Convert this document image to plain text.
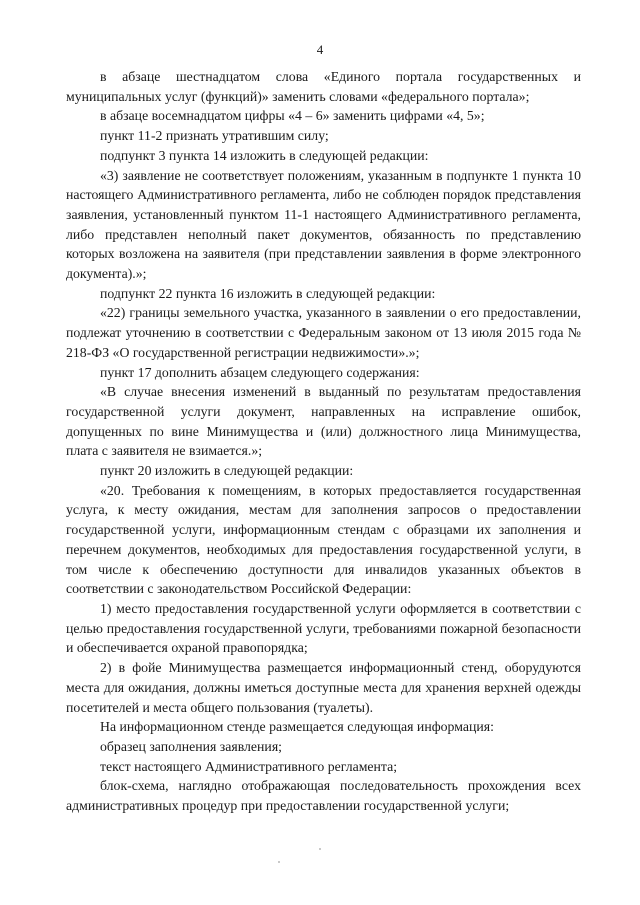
4

в абзаце шестнадцатом слова «Единого портала государственных и муниципальных услуг (функций)» заменить словами «федерального портала»;

в абзаце восемнадцатом цифры «4 – 6» заменить цифрами «4, 5»;

пункт 11-2 признать утратившим силу;

подпункт 3 пункта 14 изложить в следующей редакции:

«3) заявление не соответствует положениям, указанным в подпункте 1 пункта 10 настоящего Административного регламента, либо не соблюден порядок представления заявления, установленный пунктом 11-1 настоящего Административного регламента, либо представлен неполный пакет документов, обязанность по представлению которых возложена на заявителя (при представлении заявления в форме электронного документа).»;

подпункт 22 пункта 16 изложить в следующей редакции:

«22) границы земельного участка, указанного в заявлении о его предоставлении, подлежат уточнению в соответствии с Федеральным законом от 13 июля 2015 года № 218-ФЗ «О государственной регистрации недвижимости».»;

пункт 17 дополнить абзацем следующего содержания:

«В случае внесения изменений в выданный по результатам предоставления государственной услуги документ, направленных на исправление ошибок, допущенных по вине Минимущества и (или) должностного лица Минимущества, плата с заявителя не взимается.»;

пункт 20 изложить в следующей редакции:

«20. Требования к помещениям, в которых предоставляется государственная услуга, к месту ожидания, местам для заполнения запросов о предоставлении государственной услуги, информационным стендам с образцами их заполнения и перечнем документов, необходимых для предоставления государственной услуги, в том числе к обеспечению доступности для инвалидов указанных объектов в соответствии с законодательством Российской Федерации:

1) место предоставления государственной услуги оформляется в соответствии с целью предоставления государственной услуги, требованиями пожарной безопасности и обеспечивается охраной правопорядка;

2) в фойе Минимущества размещается информационный стенд, оборудуются места для ожидания, должны иметься доступные места для хранения верхней одежды посетителей и места общего пользования (туалеты).

На информационном стенде размещается следующая информация:

образец заполнения заявления;

текст настоящего Административного регламента;

блок-схема, наглядно отображающая последовательность прохождения всех административных процедур при предоставлении государственной услуги;
